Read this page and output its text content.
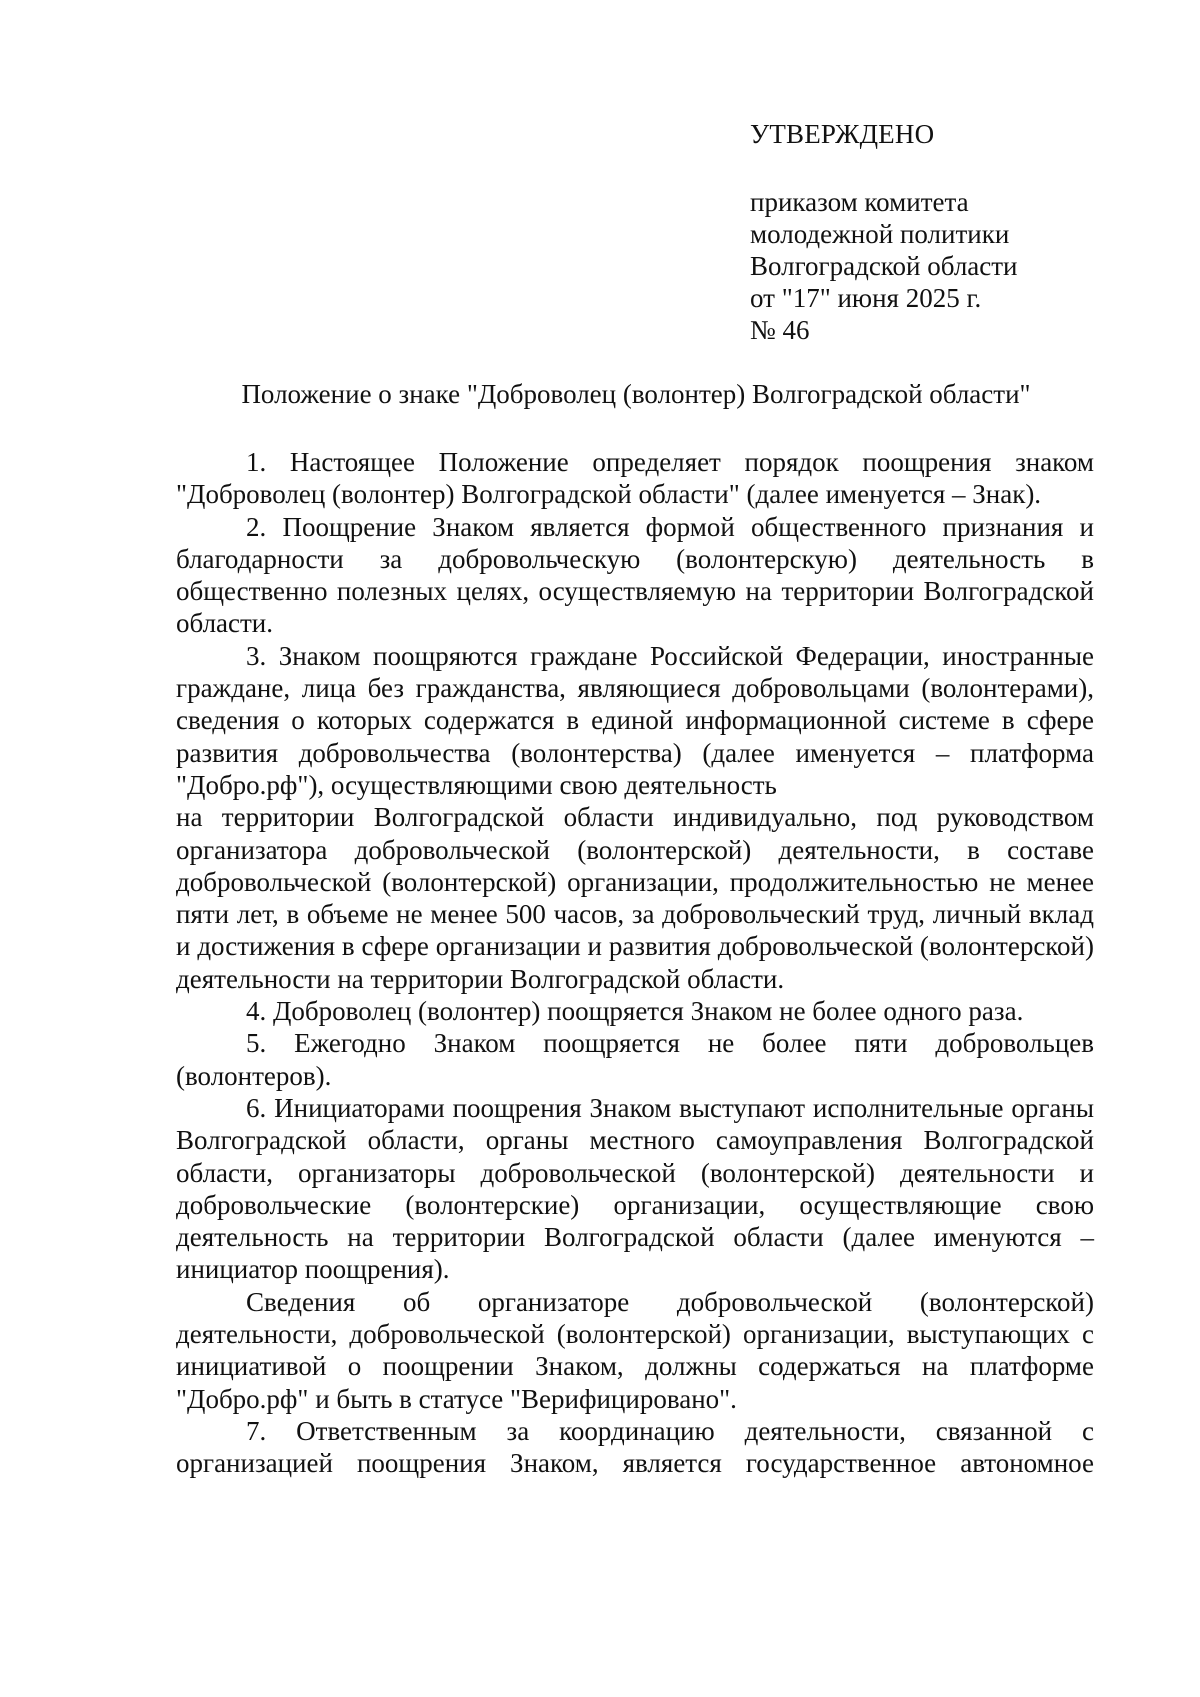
УТВЕРЖДЕНО
приказом комитета
молодежной политики
Волгоградской области
от "17" июня 2025 г.
№ 46
Положение о знаке "Доброволец (волонтер) Волгоградской области"

1. Настоящее Положение определяет порядок поощрения знаком "Доброволец (волонтер) Волгоградской области" (далее именуется – Знак).

2. Поощрение Знаком является формой общественного признания и благодарности за добровольческую (волонтерскую) деятельность в общественно полезных целях, осуществляемую на территории Волгоградской области.

3. Знаком поощряются граждане Российской Федерации, иностранные граждане, лица без гражданства, являющиеся добровольцами (волонтерами), сведения о которых содержатся в единой информационной системе в сфере развития добровольчества (волонтерства) (далее именуется – платформа "Добро.рф"), осуществляющими свою деятельность

на территории Волгоградской области индивидуально, под руководством организатора добровольческой (волонтерской) деятельности, в составе добровольческой (волонтерской) организации, продолжительностью не менее пяти лет, в объеме не менее 500 часов, за добровольческий труд, личный вклад и достижения в сфере организации и развития добровольческой (волонтерской) деятельности на территории Волгоградской области.

4. Доброволец (волонтер) поощряется Знаком не более одного раза.

5. Ежегодно Знаком поощряется не более пяти добровольцев (волонтеров).

6. Инициаторами поощрения Знаком выступают исполнительные органы Волгоградской области, органы местного самоуправления Волгоградской области, организаторы добровольческой (волонтерской) деятельности и добровольческие (волонтерские) организации, осуществляющие свою деятельность на территории Волгоградской области (далее именуются – инициатор поощрения).

Сведения об организаторе добровольческой (волонтерской) деятельности, добровольческой (волонтерской) организации, выступающих с инициативой о поощрении Знаком, должны содержаться на платформе "Добро.рф" и быть в статусе "Верифицировано".

7. Ответственным за координацию деятельности, связанной с организацией поощрения Знаком, является государственное автономное
